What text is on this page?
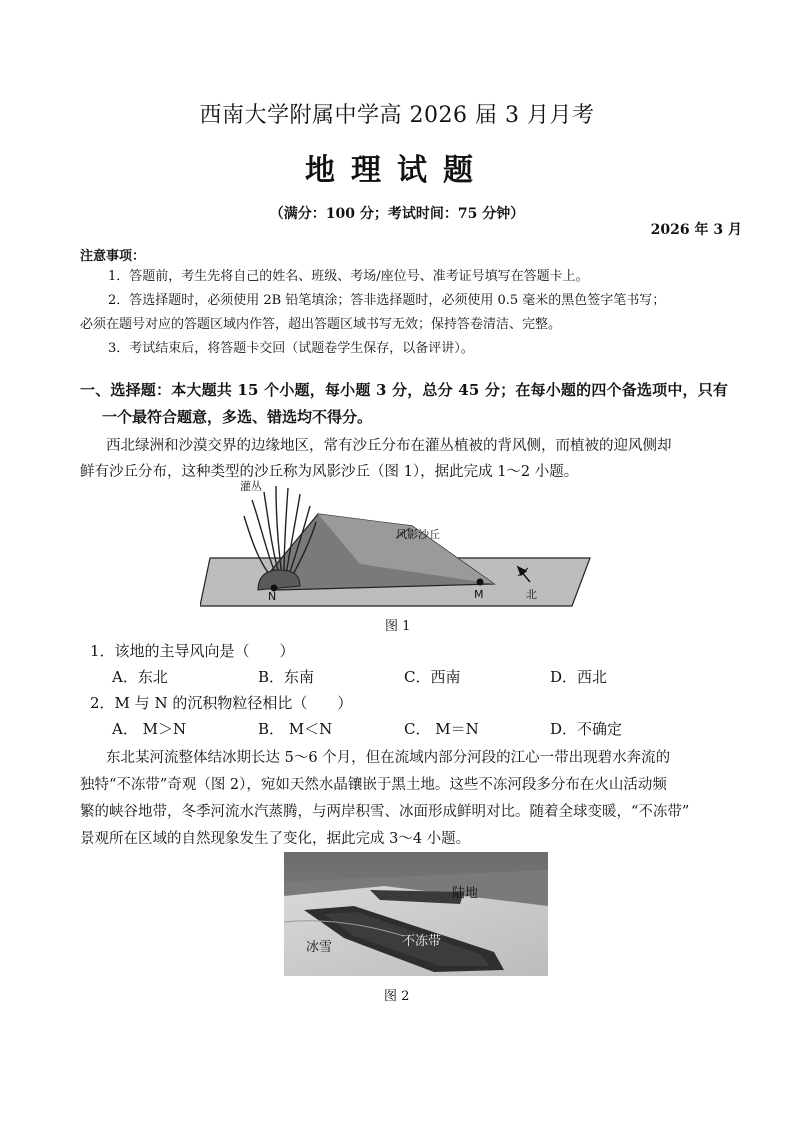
西南大学附属中学高 2026 届 3 月月考
地理试题
（满分：100 分；考试时间：75 分钟）
2026 年 3 月
注意事项：
1．答题前，考生先将自己的姓名、班级、考场/座位号、准考证号填写在答题卡上。
2．答选择题时，必须使用 2B 铅笔填涂；答非选择题时，必须使用 0.5 毫米的黑色签字笔书写；
必须在题号对应的答题区域内作答，超出答题区域书写无效；保持答卷清洁、完整。
3．考试结束后，将答题卡交回（试题卷学生保存，以备评讲）。
一、选择题：本大题共 15 个小题，每小题 3 分，总分 45 分；在每小题的四个备选项中，只有
一个最符合题意，多选、错选均不得分。
西北绿洲和沙漠交界的边缘地区，常有沙丘分布在灌丛植被的背风侧，而植被的迎风侧却
鲜有沙丘分布，这种类型的沙丘称为风影沙丘（图 1），据此完成 1～2 小题。
灌丛
风影沙丘
N	M	北
图 1
1．该地的主导风向是（　　）
A．东北	B．东南	C．西南	D．西北
2．M 与 N 的沉积物粒径相比（　　）
A． M＞N	B． M＜N	C． M＝N	D．不确定
东北某河流整体结冰期长达 5～6 个月，但在流域内部分河段的江心一带出现碧水奔流的
独特“不冻带”奇观（图 2），宛如天然水晶镶嵌于黑土地。这些不冻河段多分布在火山活动频
繁的峡谷地带，冬季河流水汽蒸腾，与两岸积雪、冰面形成鲜明对比。随着全球变暖，“不冻带”
景观所在区域的自然现象发生了变化，据此完成 3～4 小题。
陆地
冰雪	不冻带
图 2
